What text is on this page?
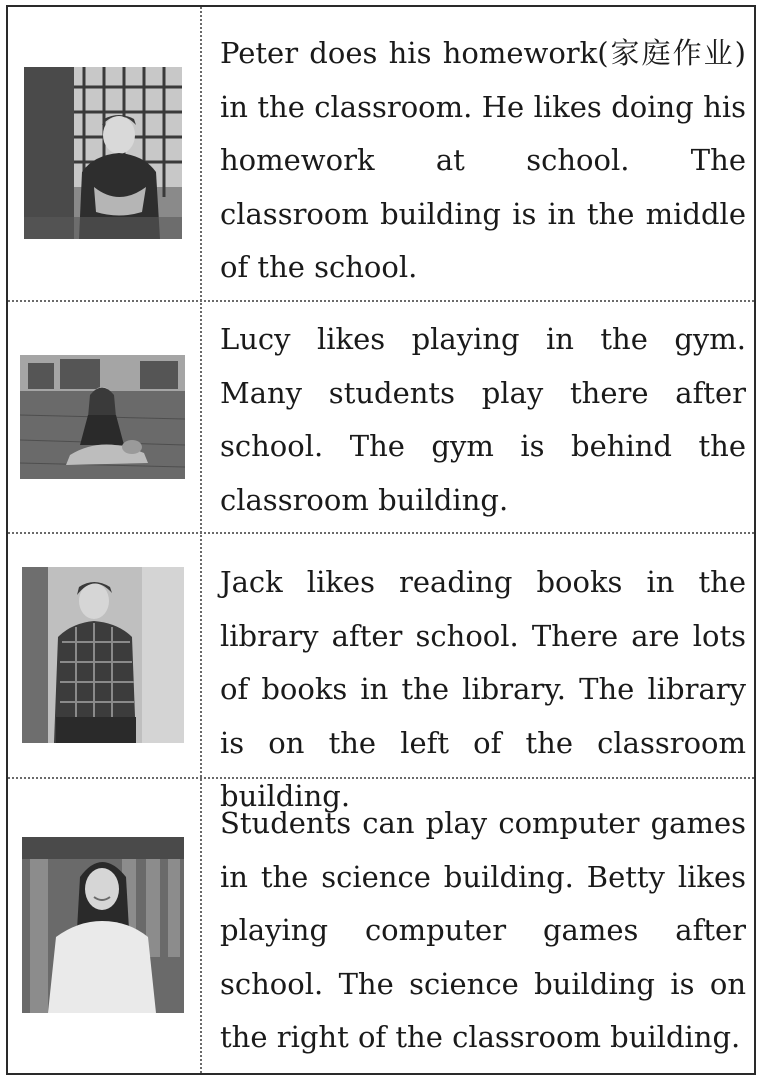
Peter does his homework(家庭作业) in the classroom. He likes doing his homework at school. The classroom building is in the middle of the school.

Lucy likes playing in the gym. Many students play there after school. The gym is behind the classroom building.

Jack likes reading books in the library after school. There are lots of books in the library. The library is on the left of the classroom building.

Students can play computer games in the science building. Betty likes playing computer games after school. The science building is on the right of the classroom building.
